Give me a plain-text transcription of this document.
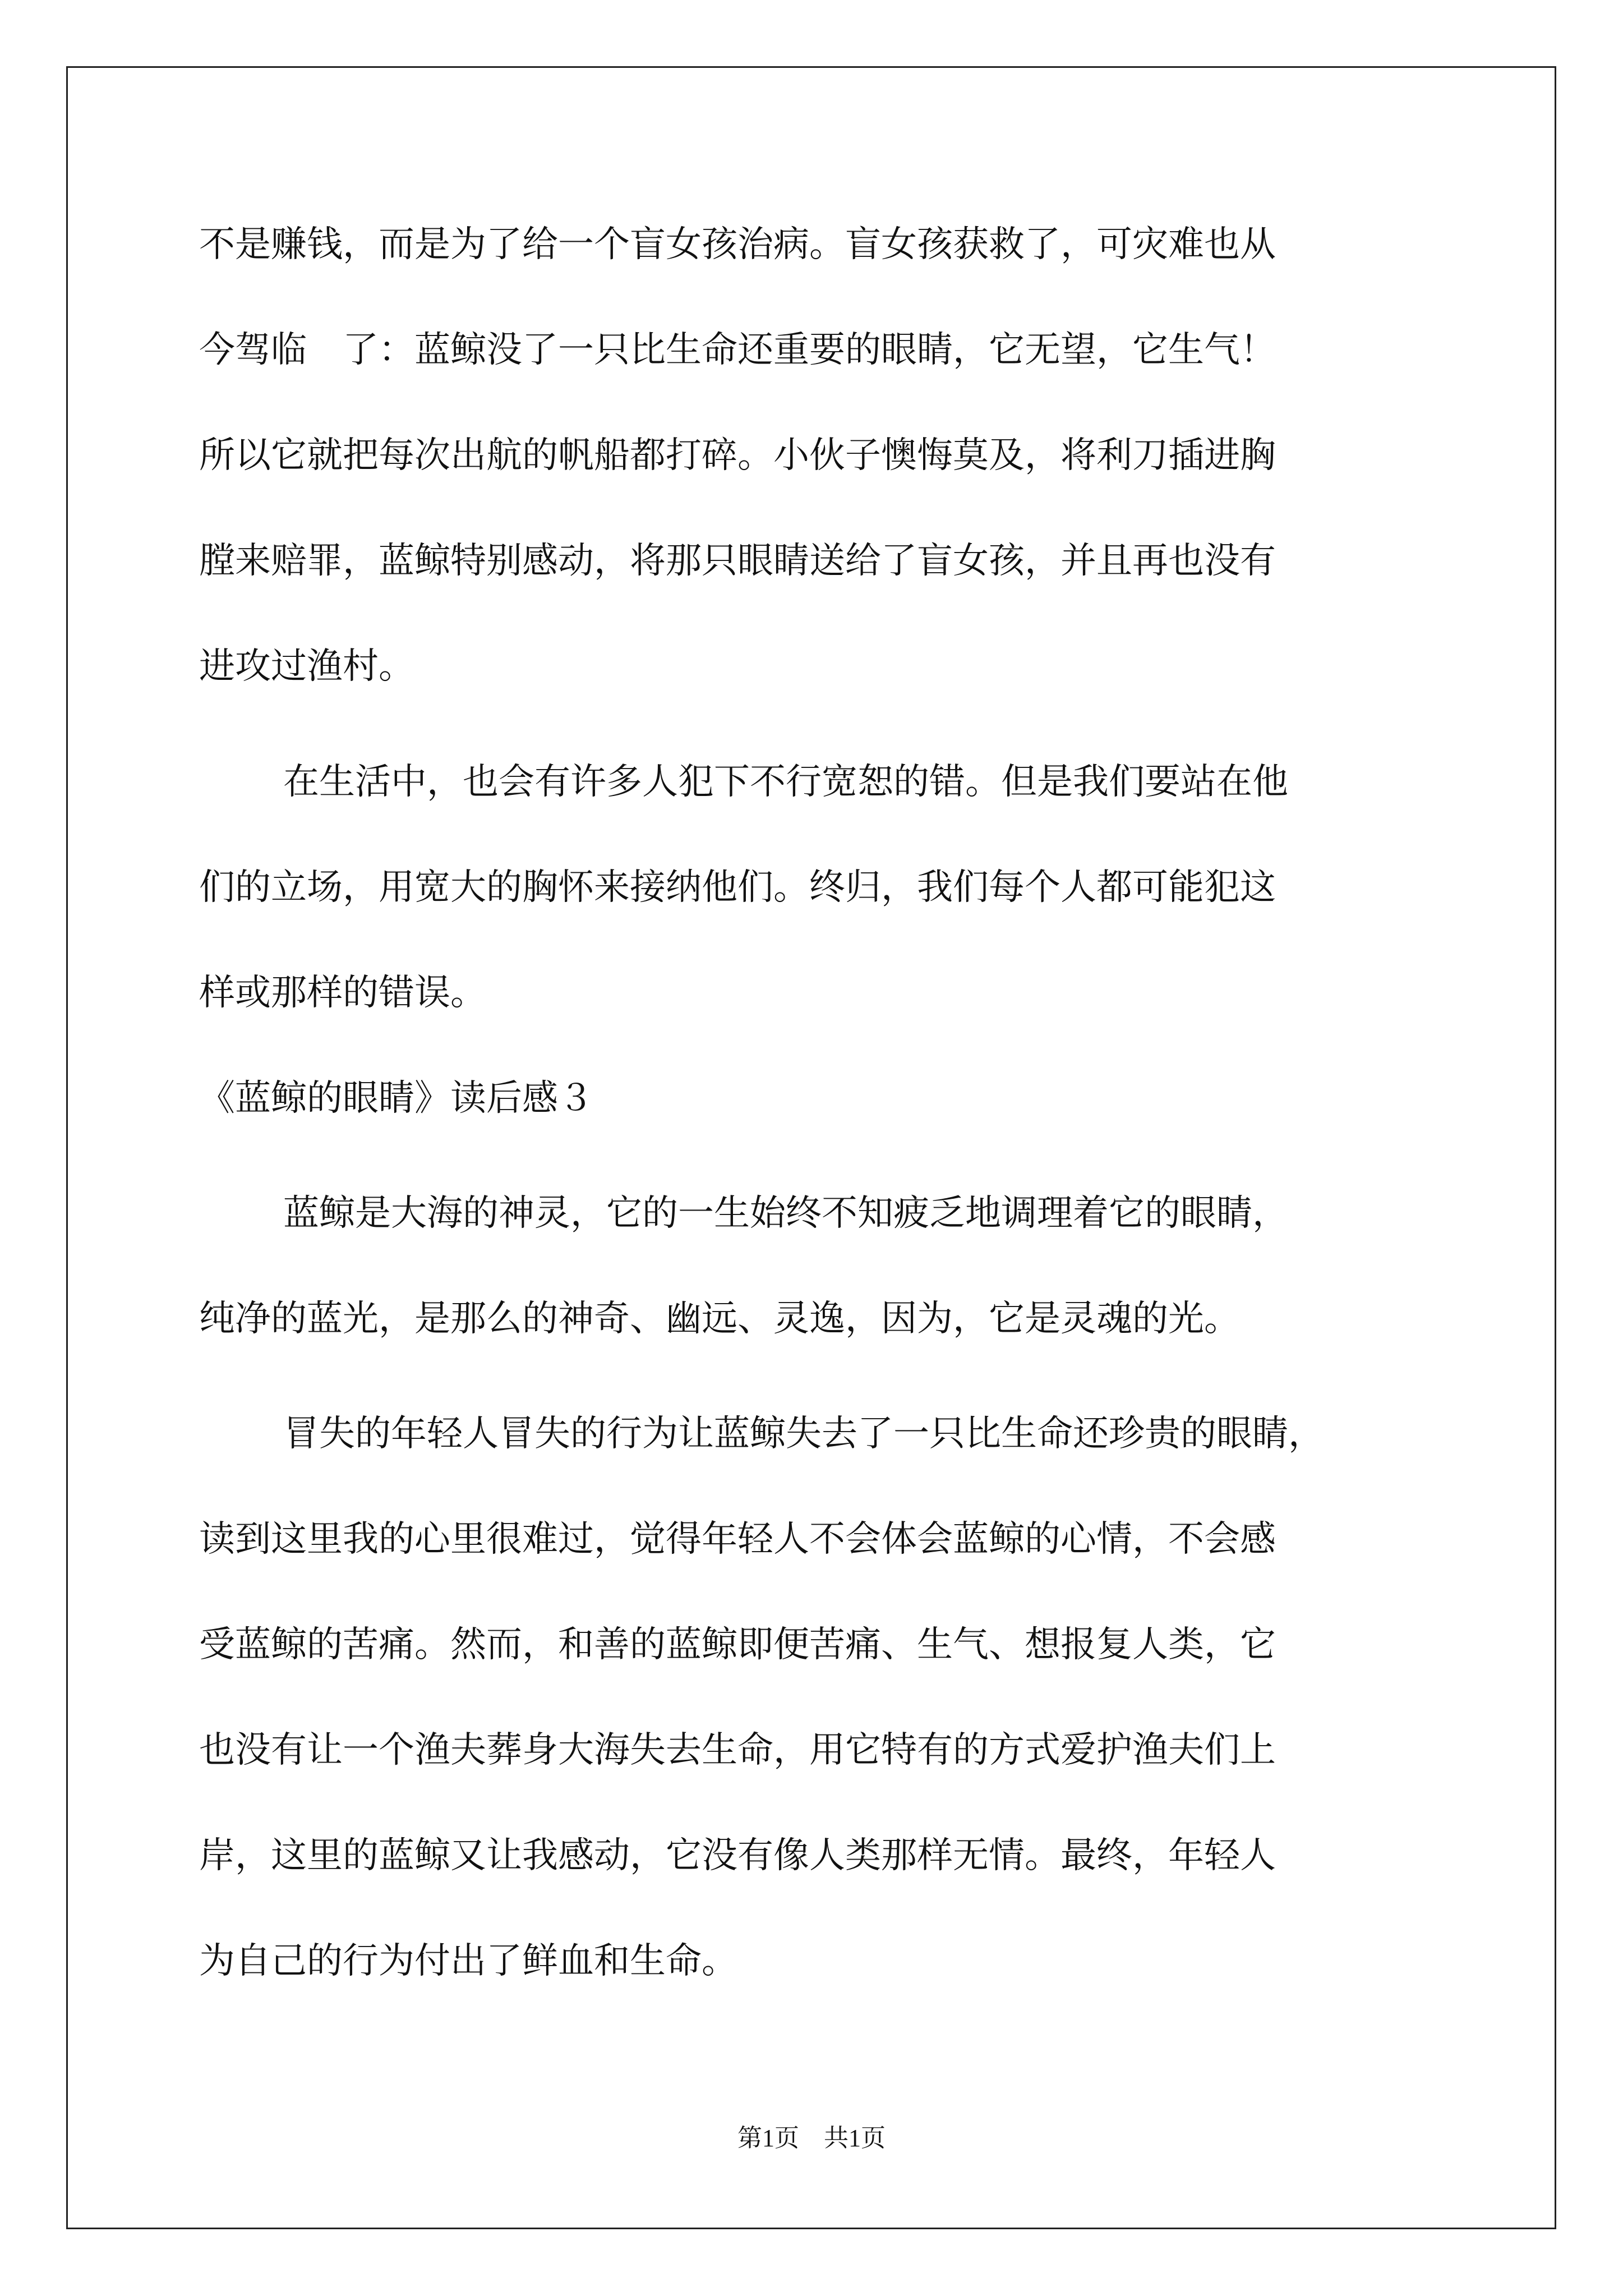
不是赚钱，而是为了给一个盲女孩治病。盲女孩获救了，可灾难也从
今驾临　了：蓝鲸没了一只比生命还重要的眼睛，它无望，它生气！
所以它就把每次出航的帆船都打碎。小伙子懊悔莫及，将利刀插进胸
膛来赔罪，蓝鲸特别感动，将那只眼睛送给了盲女孩，并且再也没有
进攻过渔村。
在生活中，也会有许多人犯下不行宽恕的错。但是我们要站在他
们的立场，用宽大的胸怀来接纳他们。终归，我们每个人都可能犯这
样或那样的错误。
《蓝鲸的眼睛》读后感３
蓝鲸是大海的神灵，它的一生始终不知疲乏地调理着它的眼睛，
纯净的蓝光，是那么的神奇、幽远、灵逸，因为，它是灵魂的光。
冒失的年轻人冒失的行为让蓝鲸失去了一只比生命还珍贵的眼睛，
读到这里我的心里很难过，觉得年轻人不会体会蓝鲸的心情，不会感
受蓝鲸的苦痛。然而，和善的蓝鲸即便苦痛、生气、想报复人类，它
也没有让一个渔夫葬身大海失去生命，用它特有的方式爱护渔夫们上
岸，这里的蓝鲸又让我感动，它没有像人类那样无情。最终，年轻人
为自己的行为付出了鲜血和生命。
第1页　共1页
